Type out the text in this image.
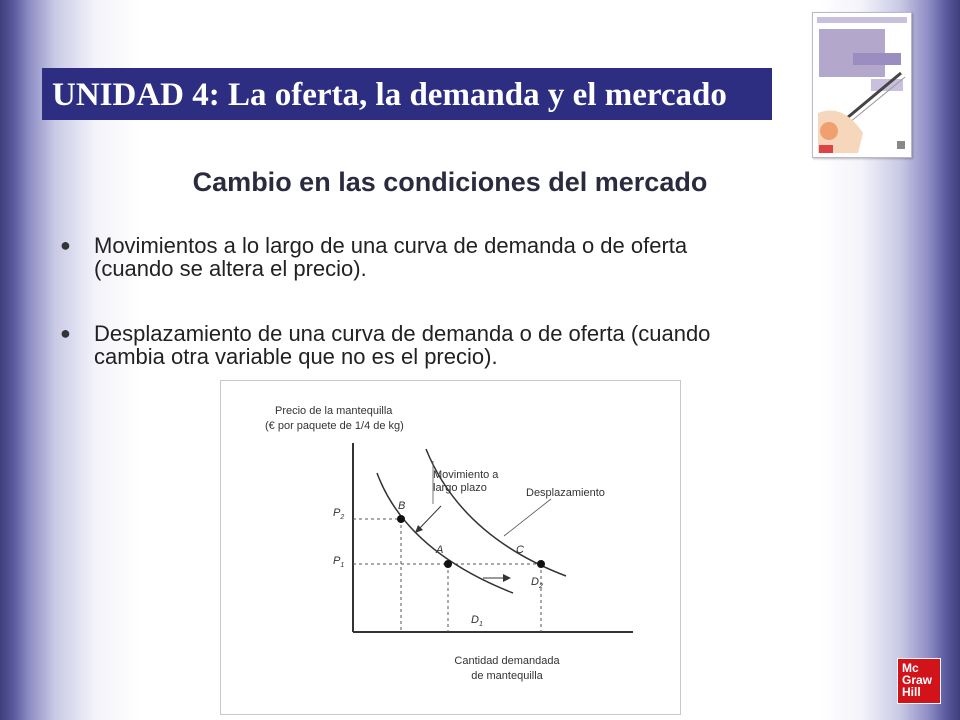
UNIDAD 4: La oferta, la demanda y el mercado
Cambio en las condiciones del mercado
● Movimientos a lo largo de una curva de demanda o de oferta
(cuando se altera el precio).
● Desplazamiento de una curva de demanda o de oferta (cuando
cambia otra variable que no es el precio).
Precio de la mantequilla
(€ por paquete de 1/4 de kg)
Movimiento a
largo plazo	Desplazamiento
$P_2$
$P_1$
B
A	C
$D_2$
$D_1$
Cantidad demandada
de mantequilla
Mc
Graw
Hill
